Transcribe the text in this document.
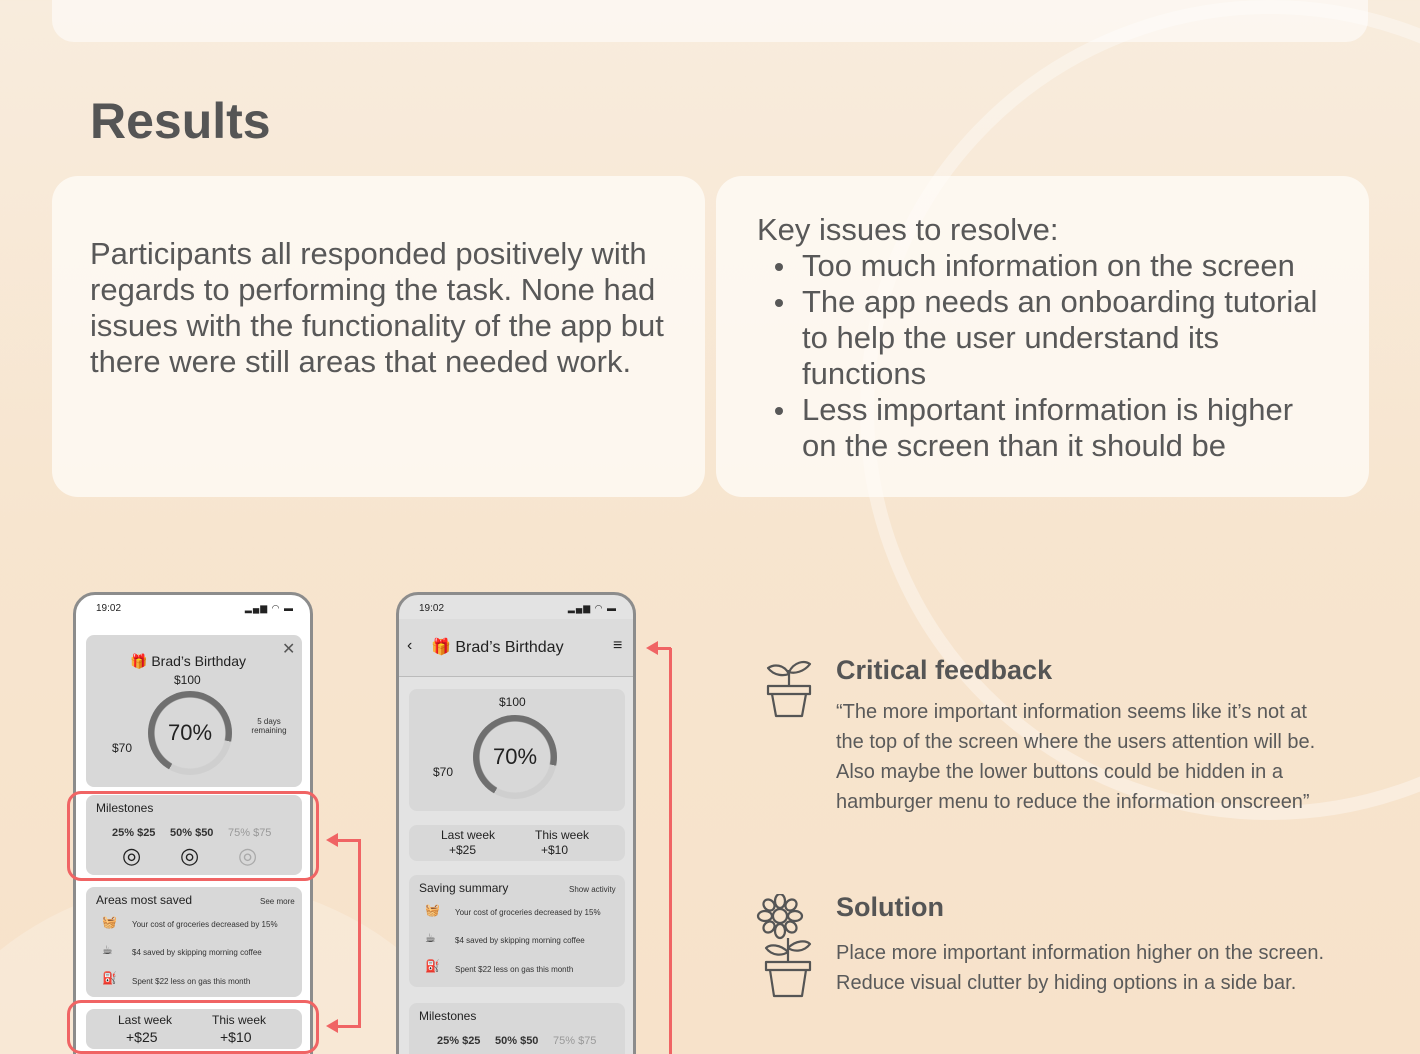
Results

Participants all responded positively with regards to performing the task. None had issues with the functionality of the app but there were still areas that needed work.

Key issues to resolve:
Too much information on the screen
The app needs an onboarding tutorial to help the user understand its functions
Less important information is higher on the screen than it should be
19:02	▂▄▆ ◠ ▬
✕
🎁 Brad’s Birthday
$100
70%
$70
5 days remaining
Milestones
25% $25 50% $50 75% $75
◎ ◎ ◎
Areas most saved	See more
🧺 Your cost of groceries decreased by 15%
☕ $4 saved by skipping morning coffee
⛽ Spent $22 less on gas this month
Last week
+$25
This week
+$10
19:02	▂▄▆ ◠ ▬
‹ 🎁 Brad’s Birthday	≡
$100
70%
$70
Last week
+$25
This week
+$10
Saving summary	Show activity
🧺 Your cost of groceries decreased by 15%
☕ $4 saved by skipping morning coffee
⛽ Spent $22 less on gas this month
Milestones
25% $25 50% $50 75% $75
Critical feedback
“The more important information seems like it’s not at the top of the screen where the users attention will be. Also maybe the lower buttons could be hidden in a hamburger menu to reduce the information onscreen”
Solution
Place more important information higher on the screen. Reduce visual clutter by hiding options in a side bar.
